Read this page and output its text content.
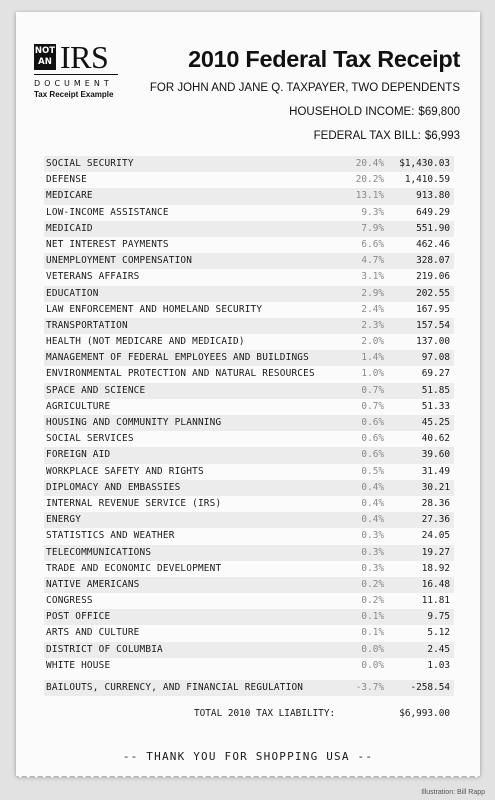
NOT
AN IRS
DOCUMENT
Tax Receipt Example
2010 Federal Tax Receipt
FOR JOHN AND JANE Q. TAXPAYER, TWO DEPENDENTS
HOUSEHOLD INCOME: $69,800
FEDERAL TAX BILL: $6,993
SOCIAL SECURITY	20.4% $1,430.03
DEFENSE	20.2% 1,410.59
MEDICARE	13.1%	913.80
LOW-INCOME ASSISTANCE	9.3%	649.29
MEDICAID	7.9%	551.90
NET INTEREST PAYMENTS	6.6%	462.46
UNEMPLOYMENT COMPENSATION	4.7%	328.07
VETERANS AFFAIRS	3.1%	219.06
EDUCATION	2.9%	202.55
LAW ENFORCEMENT AND HOMELAND SECURITY	2.4%	167.95
TRANSPORTATION	2.3%	157.54
HEALTH (NOT MEDICARE AND MEDICAID)	2.0%	137.00
MANAGEMENT OF FEDERAL EMPLOYEES AND BUILDINGS	1.4%	97.08
ENVIRONMENTAL PROTECTION AND NATURAL RESOURCES	1.0%	69.27
SPACE AND SCIENCE	0.7%	51.85
AGRICULTURE	0.7%	51.33
HOUSING AND COMMUNITY PLANNING	0.6%	45.25
SOCIAL SERVICES	0.6%	40.62
FOREIGN AID	0.6%	39.60
WORKPLACE SAFETY AND RIGHTS	0.5%	31.49
DIPLOMACY AND EMBASSIES	0.4%	30.21
INTERNAL REVENUE SERVICE (IRS)	0.4%	28.36
ENERGY	0.4%	27.36
STATISTICS AND WEATHER	0.3%	24.05
TELECOMMUNICATIONS	0.3%	19.27
TRADE AND ECONOMIC DEVELOPMENT	0.3%	18.92
NATIVE AMERICANS	0.2%	16.48
CONGRESS	0.2%	11.81
POST OFFICE	0.1%	9.75
ARTS AND CULTURE	0.1%	5.12
DISTRICT OF COLUMBIA	0.0%	2.45
WHITE HOUSE	0.0%	1.03
BAILOUTS, CURRENCY, AND FINANCIAL REGULATION	-3.7%	-258.54
TOTAL 2010 TAX LIABILITY:	$6,993.00
-- THANK YOU FOR SHOPPING USA --
Illustration: Bill Rapp
